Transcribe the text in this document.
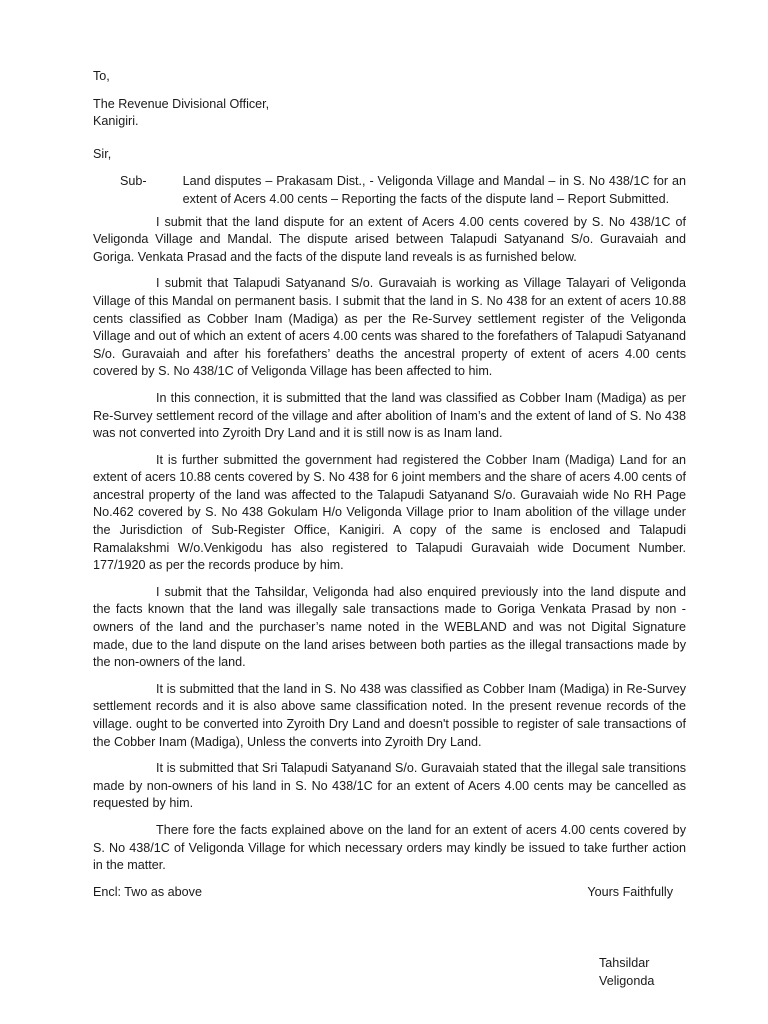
To,

The Revenue Divisional Officer,

Kanigiri.

Sir,

Sub-	Land disputes – Prakasam Dist., - Veligonda Village and Mandal – in S. No 438/1C for an extent of Acers 4.00 cents – Reporting the facts of the dispute land – Report Submitted.

I submit that the land dispute for an extent of Acers 4.00 cents covered by S. No 438/1C of Veligonda Village and Mandal. The dispute arised between Talapudi Satyanand S/o. Guravaiah and Goriga. Venkata Prasad and the facts of the dispute land reveals is as furnished below.

I submit that Talapudi Satyanand S/o. Guravaiah is working as Village Talayari of Veligonda Village of this Mandal on permanent basis. I submit that the land in S. No 438 for an extent of acers 10.88 cents classified as Cobber Inam (Madiga) as per the Re-Survey settlement register of the Veligonda Village and out of which an extent of acers 4.00 cents was shared to the forefathers of Talapudi Satyanand S/o. Guravaiah and after his forefathers’ deaths the ancestral property of extent of acers 4.00 cents covered by S. No 438/1C of Veligonda Village has been affected to him.

In this connection, it is submitted that the land was classified as Cobber Inam (Madiga) as per Re-Survey settlement record of the village and after abolition of Inam’s and the extent of land of S. No 438 was not converted into Zyroith Dry Land and it is still now is as Inam land.

It is further submitted the government had registered the Cobber Inam (Madiga) Land for an extent of acers 10.88 cents covered by S. No 438 for 6 joint members and the share of acers 4.00 cents of ancestral property of the land was affected to the Talapudi Satyanand S/o. Guravaiah wide No RH Page No.462 covered by S. No 438 Gokulam H/o Veligonda Village prior to Inam abolition of the village under the Jurisdiction of Sub-Register Office, Kanigiri. A copy of the same is enclosed and Talapudi Ramalakshmi W/o.Venkigodu has also registered to Talapudi Guravaiah wide Document Number. 177/1920 as per the records produce by him.

I submit that the Tahsildar, Veligonda had also enquired previously into the land dispute and the facts known that the land was illegally sale transactions made to Goriga Venkata Prasad by non -owners of the land and the purchaser’s name noted in the WEBLAND and was not Digital Signature made, due to the land dispute on the land arises between both parties as the illegal transactions made by the non-owners of the land.

It is submitted that the land in S. No 438 was classified as Cobber Inam (Madiga) in Re-Survey settlement records and it is also above same classification noted. In the present revenue records of the village. ought to be converted into Zyroith Dry Land and doesn't possible to register of sale transactions of the Cobber Inam (Madiga), Unless the converts into Zyroith Dry Land.

It is submitted that Sri Talapudi Satyanand S/o. Guravaiah stated that the illegal sale transitions made by non-owners of his land in S. No 438/1C for an extent of Acers 4.00 cents may be cancelled as requested by him.

There fore the facts explained above on the land for an extent of acers 4.00 cents covered by S. No 438/1C of Veligonda Village for which necessary orders may kindly be issued to take further action in the matter.

Encl: Two as above	Yours Faithfully

Tahsildar

Veligonda
